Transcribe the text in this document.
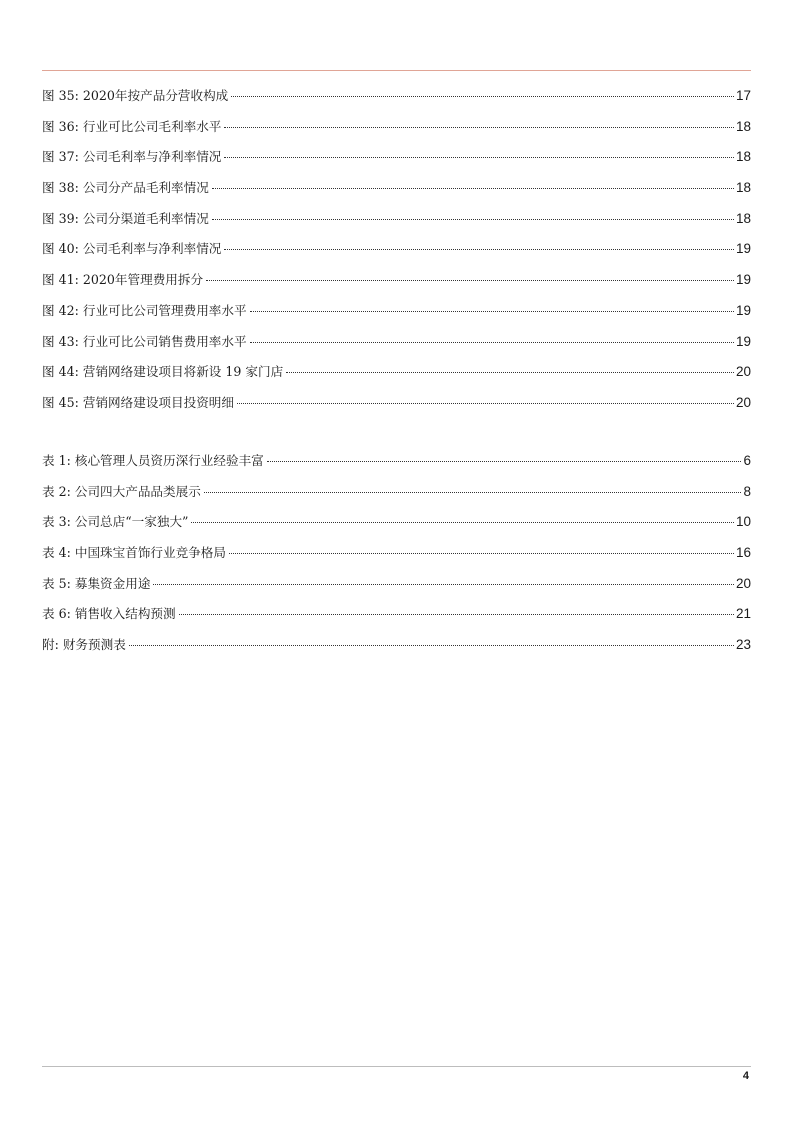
图 35: 2020年按产品分营收构成	17
图 36: 行业可比公司毛利率水平	18
图 37: 公司毛利率与净利率情况	18
图 38: 公司分产品毛利率情况	18
图 39: 公司分渠道毛利率情况	18
图 40: 公司毛利率与净利率情况	19
图 41: 2020年管理费用拆分	19
图 42: 行业可比公司管理费用率水平	19
图 43: 行业可比公司销售费用率水平	19
图 44: 营销网络建设项目将新设 19 家门店	20
图 45: 营销网络建设项目投资明细	20
表 1: 核心管理人员资历深行业经验丰富	6
表 2: 公司四大产品品类展示	8
表 3: 公司总店“一家独大”	10
表 4: 中国珠宝首饰行业竞争格局	16
表 5: 募集资金用途	20
表 6: 销售收入结构预测	21
附: 财务预测表	23
4
